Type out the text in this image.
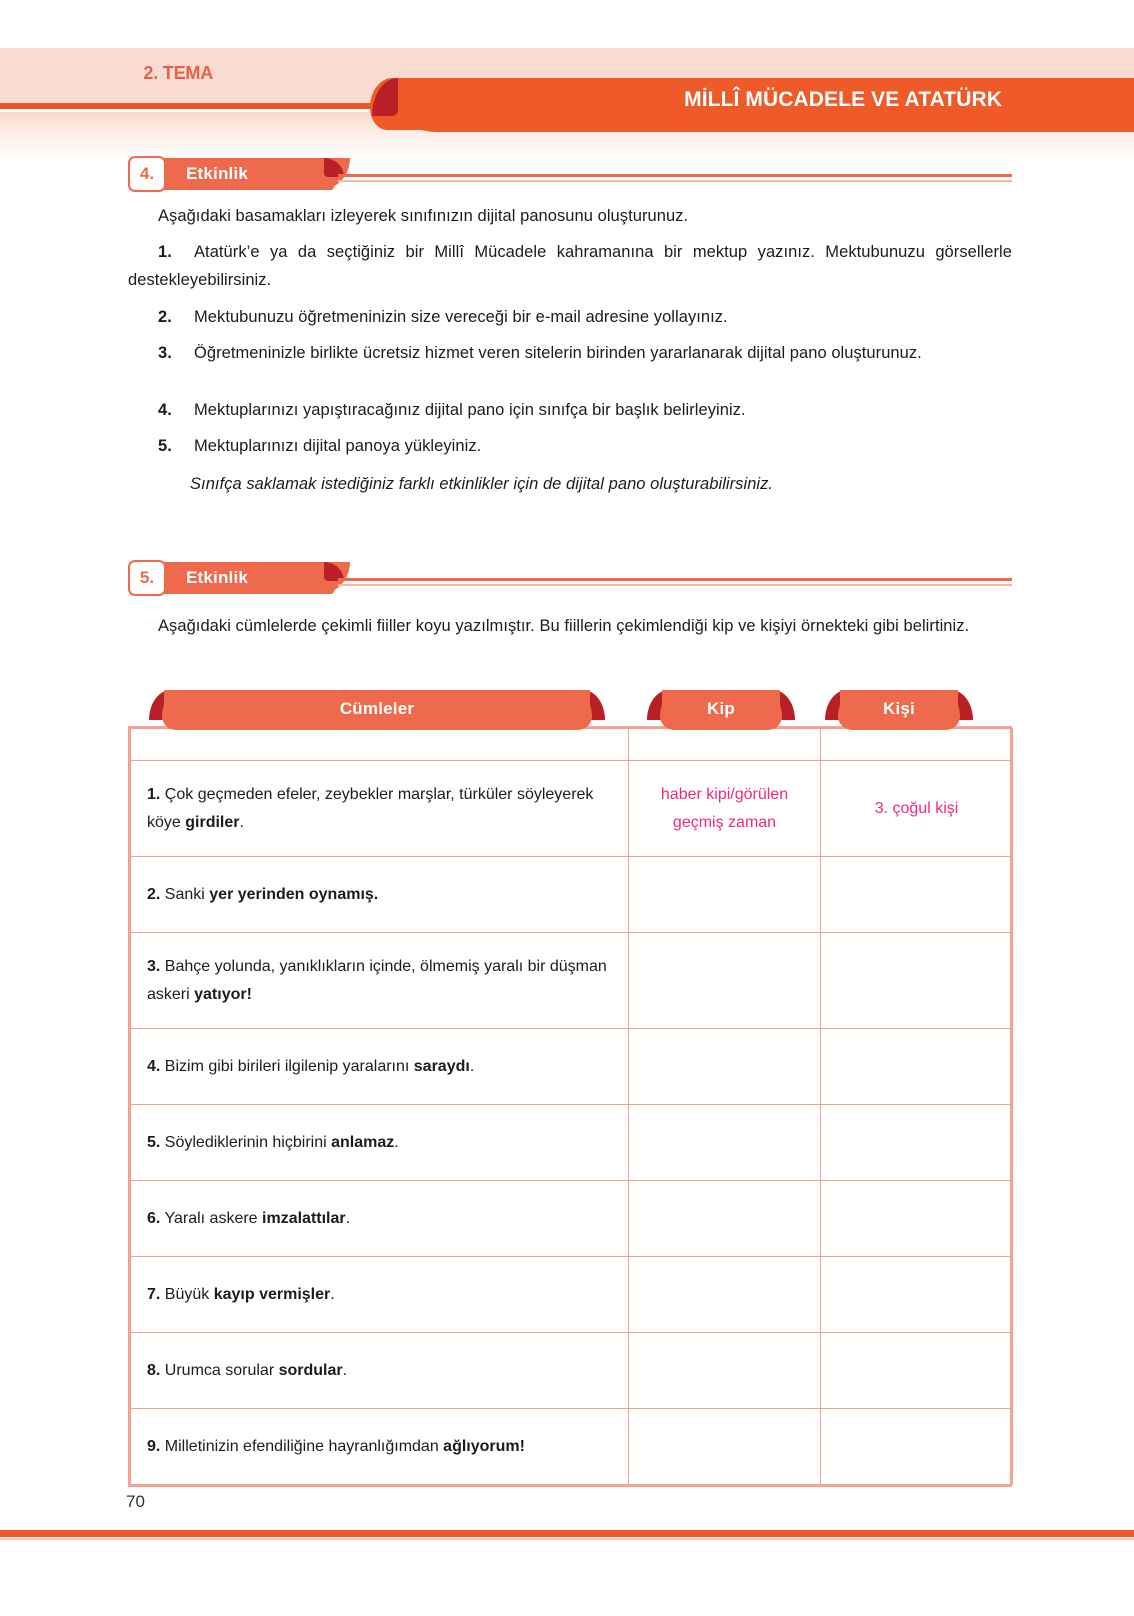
2. TEMA
MİLLÎ MÜCADELE VE ATATÜRK
4.	Etkinlik
Aşağıdaki basamakları izleyerek sınıfınızın dijital panosunu oluşturunuz.
1. Atatürk’e ya da seçtiğiniz bir Millî Mücadele kahramanına bir mektup yazınız. Mektubunuzu görsellerle destekleyebilirsiniz.
2. Mektubunuzu öğretmeninizin size vereceği bir e-mail adresine yollayınız.
3. Öğretmeninizle birlikte ücretsiz hizmet veren sitelerin birinden yararlanarak dijital pano oluşturunuz.
4. Mektuplarınızı yapıştıracağınız dijital pano için sınıfça bir başlık belirleyiniz.
5. Mektuplarınızı dijital panoya yükleyiniz.
Sınıfça saklamak istediğiniz farklı etkinlikler için de dijital pano oluşturabilirsiniz.
5.	Etkinlik
Aşağıdaki cümlelerde çekimli fiiller koyu yazılmıştır. Bu fiillerin çekimlendiği kip ve kişiyi örnekteki gibi belirtiniz.

1. Çok geçmeden efeler, zeybekler marşlar, türküler söyleyerek köye girdiler.	haber kipi/görülen geçmiş zaman	3. çoğul kişi
2. Sanki yer yerinden oynamış.		
3. Bahçe yolunda, yanıklıkların içinde, ölmemiş yaralı bir düşman askeri yatıyor!		
4. Bizim gibi birileri ilgilenip yaralarını saraydı.		
5. Söylediklerinin hiçbirini anlamaz.		
6. Yaralı askere imzalattılar.		
7. Büyük kayıp vermişler.		
8. Urumca sorular sordular.		
9. Milletinizin efendiliğine hayranlığımdan ağlıyorum!		
Cümleler	Kip	Kişi
70
